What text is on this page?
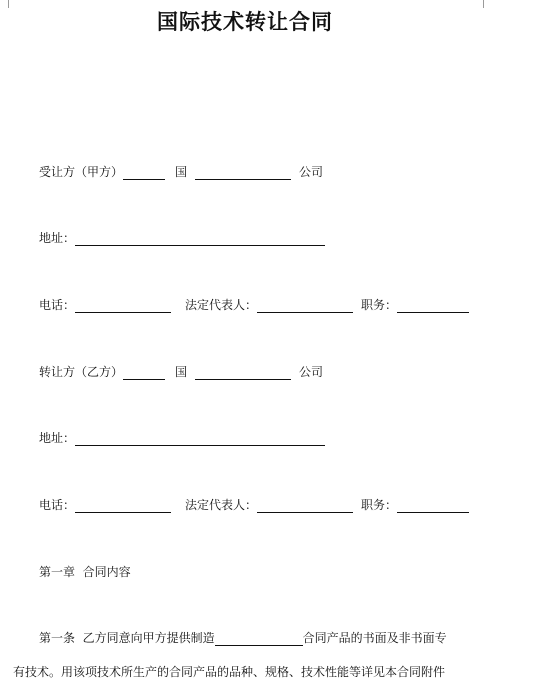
国际技术转让合同
受让方（甲方）	国	公司
地址：
电话：	法定代表人：	职务：
转让方（乙方）	国	公司
地址：
电话：	法定代表人：	职务：
第一章  合同内容
第一条  乙方同意向甲方提供制造	合同产品的书面及非书面专
有技术。用该项技术所生产的合同产品的品种、规格、技术性能等详见本合同附件
